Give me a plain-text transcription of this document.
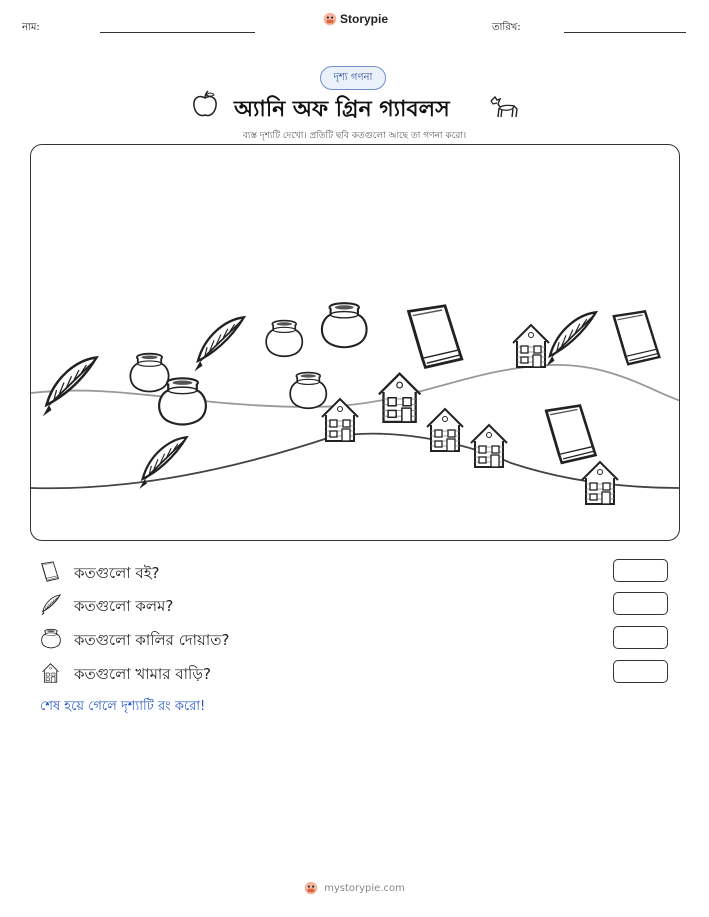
নাম:
Storypie
তারিখ:
দৃশ্য গণনা
অ্যানি অফ গ্রিন গ্যাবলস
ব্যস্ত দৃশ্যটি দেখো। প্রতিটি ছবি কতগুলো আছে তা গণনা করো।
কতগুলো বই?
কতগুলো কলম?
কতগুলো কালির দোয়াত?
কতগুলো খামার বাড়ি?
শেষ হয়ে গেলে দৃশ্যাটি রং করো!
mystorypie.com
